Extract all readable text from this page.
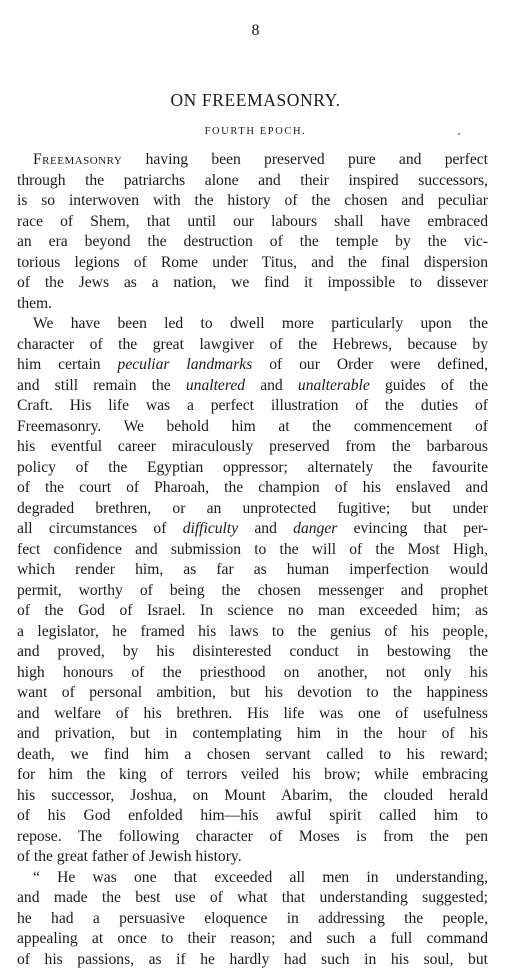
8
ON FREEMASONRY.
FOURTH EPOCH.
Freemasonry having been preserved pure and perfect
through the patriarchs alone and their inspired successors,
is so interwoven with the history of the chosen and peculiar
race of Shem, that until our labours shall have embraced
an era beyond the destruction of the temple by the vic-
torious legions of Rome under Titus, and the final dispersion
of the Jews as a nation, we find it impossible to dissever
them.
We have been led to dwell more particularly upon the
character of the great lawgiver of the Hebrews, because by
him certain peculiar landmarks of our Order were defined,
and still remain the unaltered and unalterable guides of the
Craft. His life was a perfect illustration of the duties of
Freemasonry. We behold him at the commencement of
his eventful career miraculously preserved from the barbarous
policy of the Egyptian oppressor; alternately the favourite
of the court of Pharoah, the champion of his enslaved and
degraded brethren, or an unprotected fugitive; but under
all circumstances of difficulty and danger evincing that per-
fect confidence and submission to the will of the Most High,
which render him, as far as human imperfection would
permit, worthy of being the chosen messenger and prophet
of the God of Israel. In science no man exceeded him; as
a legislator, he framed his laws to the genius of his people,
and proved, by his disinterested conduct in bestowing the
high honours of the priesthood on another, not only his
want of personal ambition, but his devotion to the happiness
and welfare of his brethren. His life was one of usefulness
and privation, but in contemplating him in the hour of his
death, we find him a chosen servant called to his reward;
for him the king of terrors veiled his brow; while embracing
his successor, Joshua, on Mount Abarim, the clouded herald
of his God enfolded him—his awful spirit called him to
repose. The following character of Moses is from the pen
of the great father of Jewish history.
“ He was one that exceeded all men in understanding,
and made the best use of what that understanding suggested;
he had a persuasive eloquence in addressing the people,
appealing at once to their reason; and such a full command
of his passions, as if he hardly had such in his soul, but
